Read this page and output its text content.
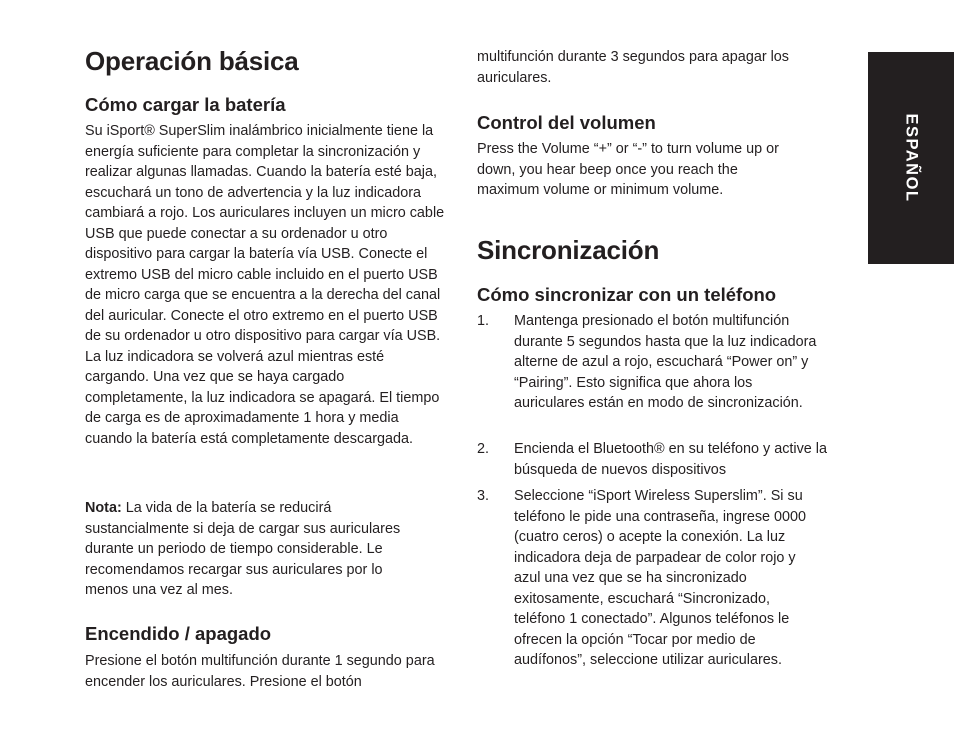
Operación básica
Cómo cargar la batería

Su iSport® SuperSlim inalámbrico inicialmente tiene la energía suficiente para completar la sincronización y realizar algunas llamadas. Cuando la batería esté baja, escuchará un tono de advertencia y la luz indicadora cambiará a rojo. Los auriculares incluyen un micro cable USB que puede conectar a su ordenador u otro dispositivo para cargar la batería vía USB. Conecte el extremo USB del micro cable incluido en el puerto USB de micro carga que se encuentra a la derecha del canal del auricular. Conecte el otro extremo en el puerto USB de su ordenador u otro dispositivo para cargar vía USB. La luz indicadora se volverá azul mientras esté cargando. Una vez que se haya cargado completamente, la luz indicadora se apagará. El tiempo de carga es de aproximadamente 1 hora y media cuando la batería está completamente descargada.

Nota: La vida de la batería se reducirá sustancialmente si deja de cargar sus auriculares durante un periodo de tiempo considerable. Le recomendamos recargar sus auriculares por lo menos una vez al mes.

Encendido / apagado

Presione el botón multifunción durante 1 segundo para encender los auriculares. Presione el botón

multifunción durante 3 segundos para apagar los auriculares.

Control del volumen

Press the Volume “+” or “-” to turn volume up or down, you hear beep once you reach the maximum volume or minimum volume.

Sincronización
Cómo sincronizar con un teléfono
1.	Mantenga presionado el botón multifunción durante 5 segundos hasta que la luz indicadora alterne de azul a rojo, escuchará “Power on” y “Pairing”. Esto significa que ahora los auriculares están en modo de sincronización.
2.	Encienda el Bluetooth® en su teléfono y active la búsqueda de nuevos dispositivos
3.	Seleccione “iSport Wireless Superslim”. Si su teléfono le pide una contraseña, ingrese 0000 (cuatro ceros) o acepte la conexión. La luz indicadora deja de parpadear de color rojo y azul una vez que se ha sincronizado exitosamente, escuchará “Sincronizado, teléfono 1 conectado”. Algunos teléfonos le ofrecen la opción “Tocar por medio de audífonos”, seleccione utilizar auriculares.
ESPAÑOL
